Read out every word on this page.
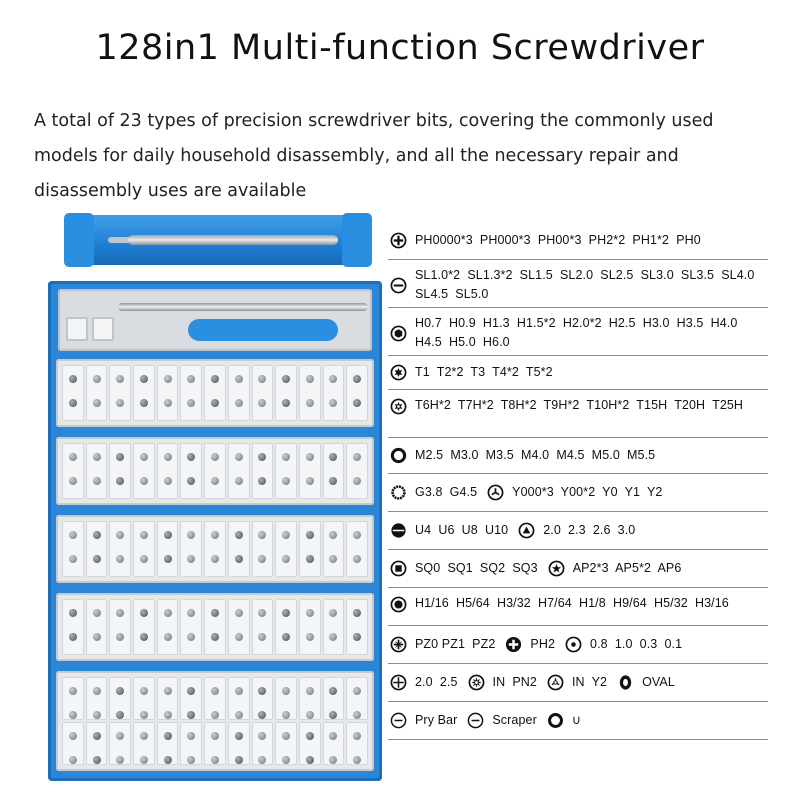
128in1 Multi-function Screwdriver
A total of 23 types of precision screwdriver bits, covering the commonly used
models for daily household disassembly, and all the necessary repair and
disassembly uses are available
PH0000*3  PH000*3  PH00*3  PH2*2  PH1*2  PH0
SL1.0*2  SL1.3*2  SL1.5  SL2.0  SL2.5  SL3.0  SL3.5  SL4.0  SL4.5  SL5.0
H0.7  H0.9  H1.3  H1.5*2  H2.0*2  H2.5  H3.0  H3.5  H4.0  H4.5  H5.0  H6.0
T1  T2*2  T3  T4*2  T5*2
T6H*2  T7H*2  T8H*2  T9H*2  T10H*2  T15H  T20H  T25H
M2.5  M3.0  M3.5  M4.0  M4.5  M5.0  M5.5
G3.8  G4.5	Y000*3  Y00*2  Y0  Y1  Y2
U4  U6  U8  U10	2.0  2.3  2.6  3.0
SQ0  SQ1  SQ2  SQ3	AP2*3  AP5*2  AP6
H1/16  H5/64  H3/32  H7/64  H1/8  H9/64  H5/32  H3/16
PZ0 PZ1  PZ2	PH2	0.8  1.0  0.3  0.1
2.0  2.5	IN  PN2	IN  Y2	OVAL
Pry Bar	Scraper	∪
